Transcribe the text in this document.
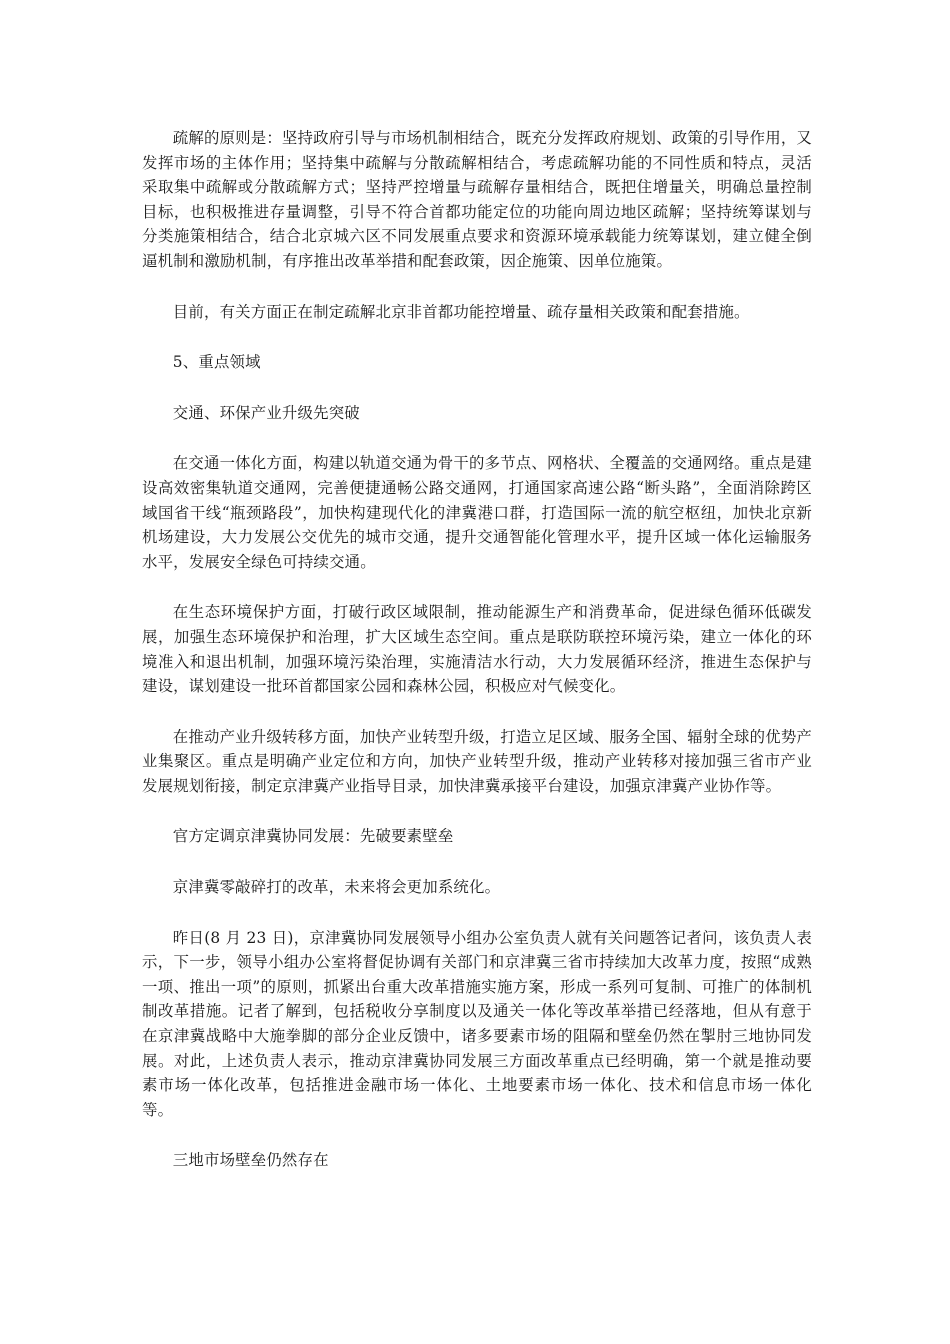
疏解的原则是：坚持政府引导与市场机制相结合，既充分发挥政府规划、政策的引导作用，又发挥市场的主体作用；坚持集中疏解与分散疏解相结合，考虑疏解功能的不同性质和特点，灵活采取集中疏解或分散疏解方式；坚持严控增量与疏解存量相结合，既把住增量关，明确总量控制目标，也积极推进存量调整，引导不符合首都功能定位的功能向周边地区疏解；坚持统筹谋划与分类施策相结合，结合北京城六区不同发展重点要求和资源环境承载能力统筹谋划，建立健全倒逼机制和激励机制，有序推出改革举措和配套政策，因企施策、因单位施策。

目前，有关方面正在制定疏解北京非首都功能控增量、疏存量相关政策和配套措施。

5、重点领域

交通、环保产业升级先突破

在交通一体化方面，构建以轨道交通为骨干的多节点、网格状、全覆盖的交通网络。重点是建设高效密集轨道交通网，完善便捷通畅公路交通网，打通国家高速公路“断头路”，全面消除跨区域国省干线“瓶颈路段”，加快构建现代化的津冀港口群，打造国际一流的航空枢纽，加快北京新机场建设，大力发展公交优先的城市交通，提升交通智能化管理水平，提升区域一体化运输服务水平，发展安全绿色可持续交通。

在生态环境保护方面，打破行政区域限制，推动能源生产和消费革命，促进绿色循环低碳发展，加强生态环境保护和治理，扩大区域生态空间。重点是联防联控环境污染，建立一体化的环境准入和退出机制，加强环境污染治理，实施清洁水行动，大力发展循环经济，推进生态保护与建设，谋划建设一批环首都国家公园和森林公园，积极应对气候变化。

在推动产业升级转移方面，加快产业转型升级，打造立足区域、服务全国、辐射全球的优势产业集聚区。重点是明确产业定位和方向，加快产业转型升级，推动产业转移对接加强三省市产业发展规划衔接，制定京津冀产业指导目录，加快津冀承接平台建设，加强京津冀产业协作等。

官方定调京津冀协同发展：先破要素壁垒

京津冀零敲碎打的改革，未来将会更加系统化。

昨日(8 月 23 日)，京津冀协同发展领导小组办公室负责人就有关问题答记者问，该负责人表示，下一步，领导小组办公室将督促协调有关部门和京津冀三省市持续加大改革力度，按照“成熟一项、推出一项”的原则，抓紧出台重大改革措施实施方案，形成一系列可复制、可推广的体制机制改革措施。记者了解到，包括税收分享制度以及通关一体化等改革举措已经落地，但从有意于在京津冀战略中大施拳脚的部分企业反馈中，诸多要素市场的阻隔和壁垒仍然在掣肘三地协同发展。对此，上述负责人表示，推动京津冀协同发展三方面改革重点已经明确，第一个就是推动要素市场一体化改革，包括推进金融市场一体化、土地要素市场一体化、技术和信息市场一体化等。

三地市场壁垒仍然存在
